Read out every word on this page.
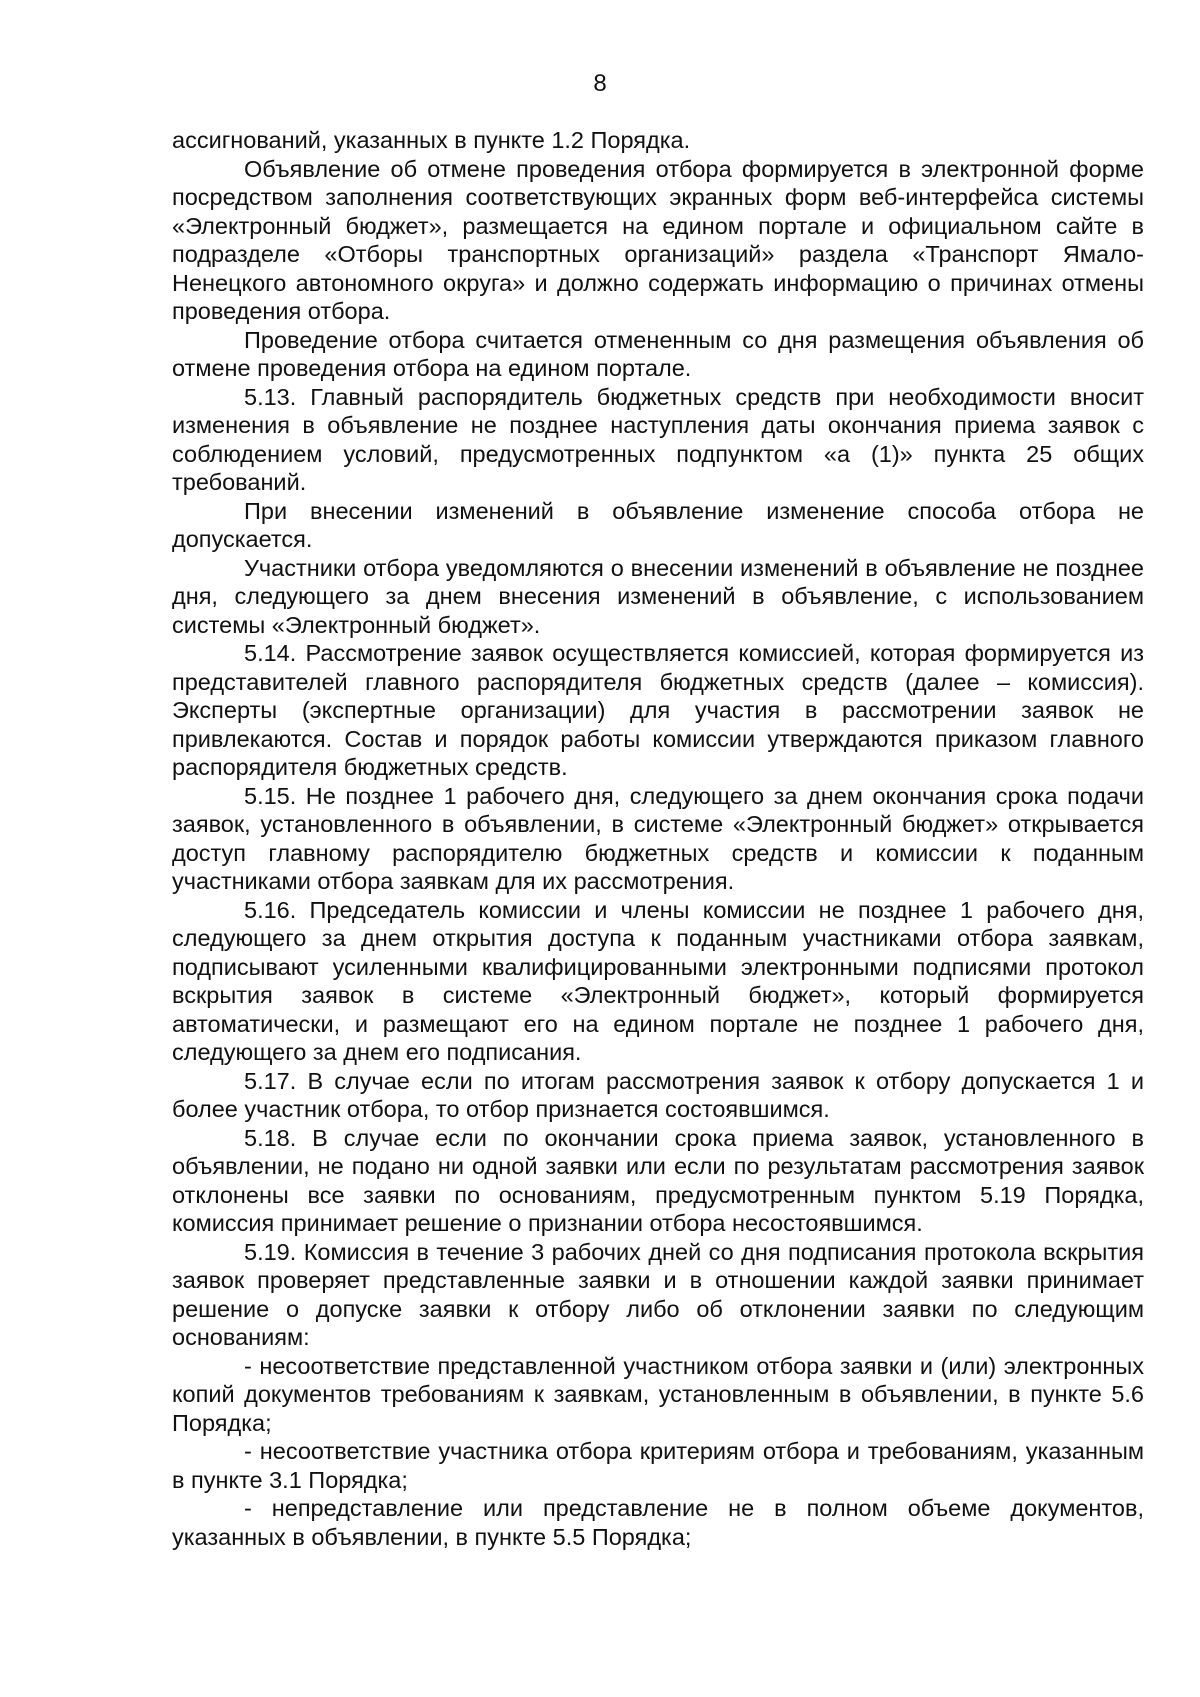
8

ассигнований, указанных в пункте 1.2 Порядка.

Объявление об отмене проведения отбора формируется в электронной форме посредством заполнения соответствующих экранных форм веб-интерфейса системы «Электронный бюджет», размещается на едином портале и официальном сайте в подразделе «Отборы транспортных организаций» раздела «Транспорт Ямало-Ненецкого автономного округа» и должно содержать информацию о причинах отмены проведения отбора.

Проведение отбора считается отмененным со дня размещения объявления об отмене проведения отбора на едином портале.

5.13. Главный распорядитель бюджетных средств при необходимости вносит изменения в объявление не позднее наступления даты окончания приема заявок с соблюдением условий, предусмотренных подпунктом «а (1)» пункта 25 общих требований.

При внесении изменений в объявление изменение способа отбора не допускается.

Участники отбора уведомляются о внесении изменений в объявление не позднее дня, следующего за днем внесения изменений в объявление, с использованием системы «Электронный бюджет».

5.14. Рассмотрение заявок осуществляется комиссией, которая формируется из представителей главного распорядителя бюджетных средств (далее – комиссия). Эксперты (экспертные организации) для участия в рассмотрении заявок не привлекаются. Состав и порядок работы комиссии утверждаются приказом главного распорядителя бюджетных средств.

5.15. Не позднее 1 рабочего дня, следующего за днем окончания срока подачи заявок, установленного в объявлении, в системе «Электронный бюджет» открывается доступ главному распорядителю бюджетных средств и комиссии к поданным участниками отбора заявкам для их рассмотрения.

5.16. Председатель комиссии и члены комиссии не позднее 1 рабочего дня, следующего за днем открытия доступа к поданным участниками отбора заявкам, подписывают усиленными квалифицированными электронными подписями протокол вскрытия заявок в системе «Электронный бюджет», который формируется автоматически, и размещают его на едином портале не позднее 1 рабочего дня, следующего за днем его подписания.

5.17. В случае если по итогам рассмотрения заявок к отбору допускается 1 и более участник отбора, то отбор признается состоявшимся.

5.18. В случае если по окончании срока приема заявок, установленного в объявлении, не подано ни одной заявки или если по результатам рассмотрения заявок отклонены все заявки по основаниям, предусмотренным пунктом 5.19 Порядка, комиссия принимает решение о признании отбора несостоявшимся.

5.19. Комиссия в течение 3 рабочих дней со дня подписания протокола вскрытия заявок проверяет представленные заявки и в отношении каждой заявки принимает решение о допуске заявки к отбору либо об отклонении заявки по следующим основаниям:

- несоответствие представленной участником отбора заявки и (или) электронных копий документов требованиям к заявкам, установленным в объявлении, в пункте 5.6 Порядка;

- несоответствие участника отбора критериям отбора и требованиям, указанным в пункте 3.1 Порядка;

- непредставление или представление не в полном объеме документов, указанных в объявлении, в пункте 5.5 Порядка;
